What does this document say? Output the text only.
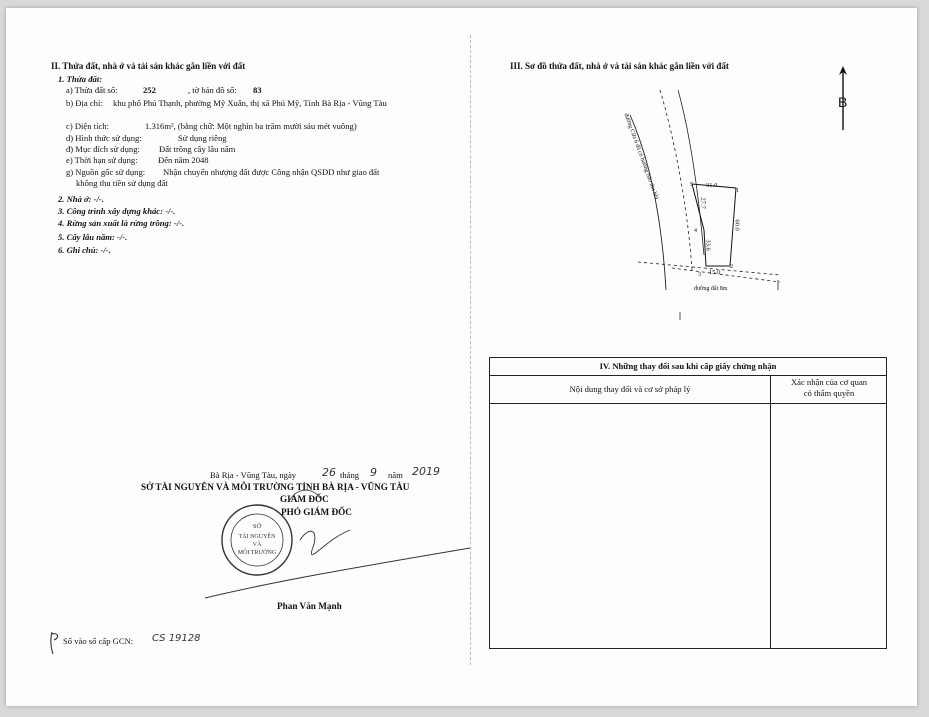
II. Thửa đất, nhà ở và tài sản khác gắn liền với đất
1. Thửa đất:
a) Thửa đất số:	252	, tờ bản đồ số: 83
b) Địa chỉ: khu phố Phú Thạnh, phường Mỹ Xuân, thị xã Phú Mỹ, Tỉnh Bà Rịa - Vũng Tàu
c) Diện tích:	1.316m², (bằng chữ: Một nghìn ba trăm mười sáu mét vuông)
d) Hình thức sử dụng:	Sử dụng riêng
đ) Mục đích sử dụng: Đất trồng cây lâu năm
e) Thời hạn sử dụng: Đến năm 2048
g) Nguồn gốc sử dụng: Nhận chuyển nhượng đất được Công nhận QSDD như giao đất
không thu tiền sử dụng đất
2. Nhà ở: -/-.
3. Công trình xây dựng khác: -/-.
4. Rừng sản xuất là rừng trồng: -/-.
5. Cây lâu năm: -/-.
6. Ghi chú: -/-.
Bà Rịa - Vũng Tàu, ngày 26 tháng 9 năm 2019
SỞ TÀI NGUYÊN VÀ MÔI TRƯỜNG TỈNH BÀ RỊA - VŨNG TÀU
GIÁM ĐỐC
PHÓ GIÁM ĐỐC
SỞ
TÀI NGUYÊN
VÀ
MÔI TRƯỜNG
Phan Văn Mạnh
Số vào sổ cấp GCN: CS 19128
III. Sơ đồ thửa đất, nhà ở và tài sản khác gắn liền với đất
B
đường Cửa 6 đã có hướng bảo thu hồi	31.0
60.0
15.0
27.7
33.6
1
2
3
4
5
đường đất 8m
IV. Những thay đổi sau khi cấp giấy chứng nhận
Nội dung thay đổi và cơ sở pháp lý
Xác nhận của cơ quan
có thẩm quyền
